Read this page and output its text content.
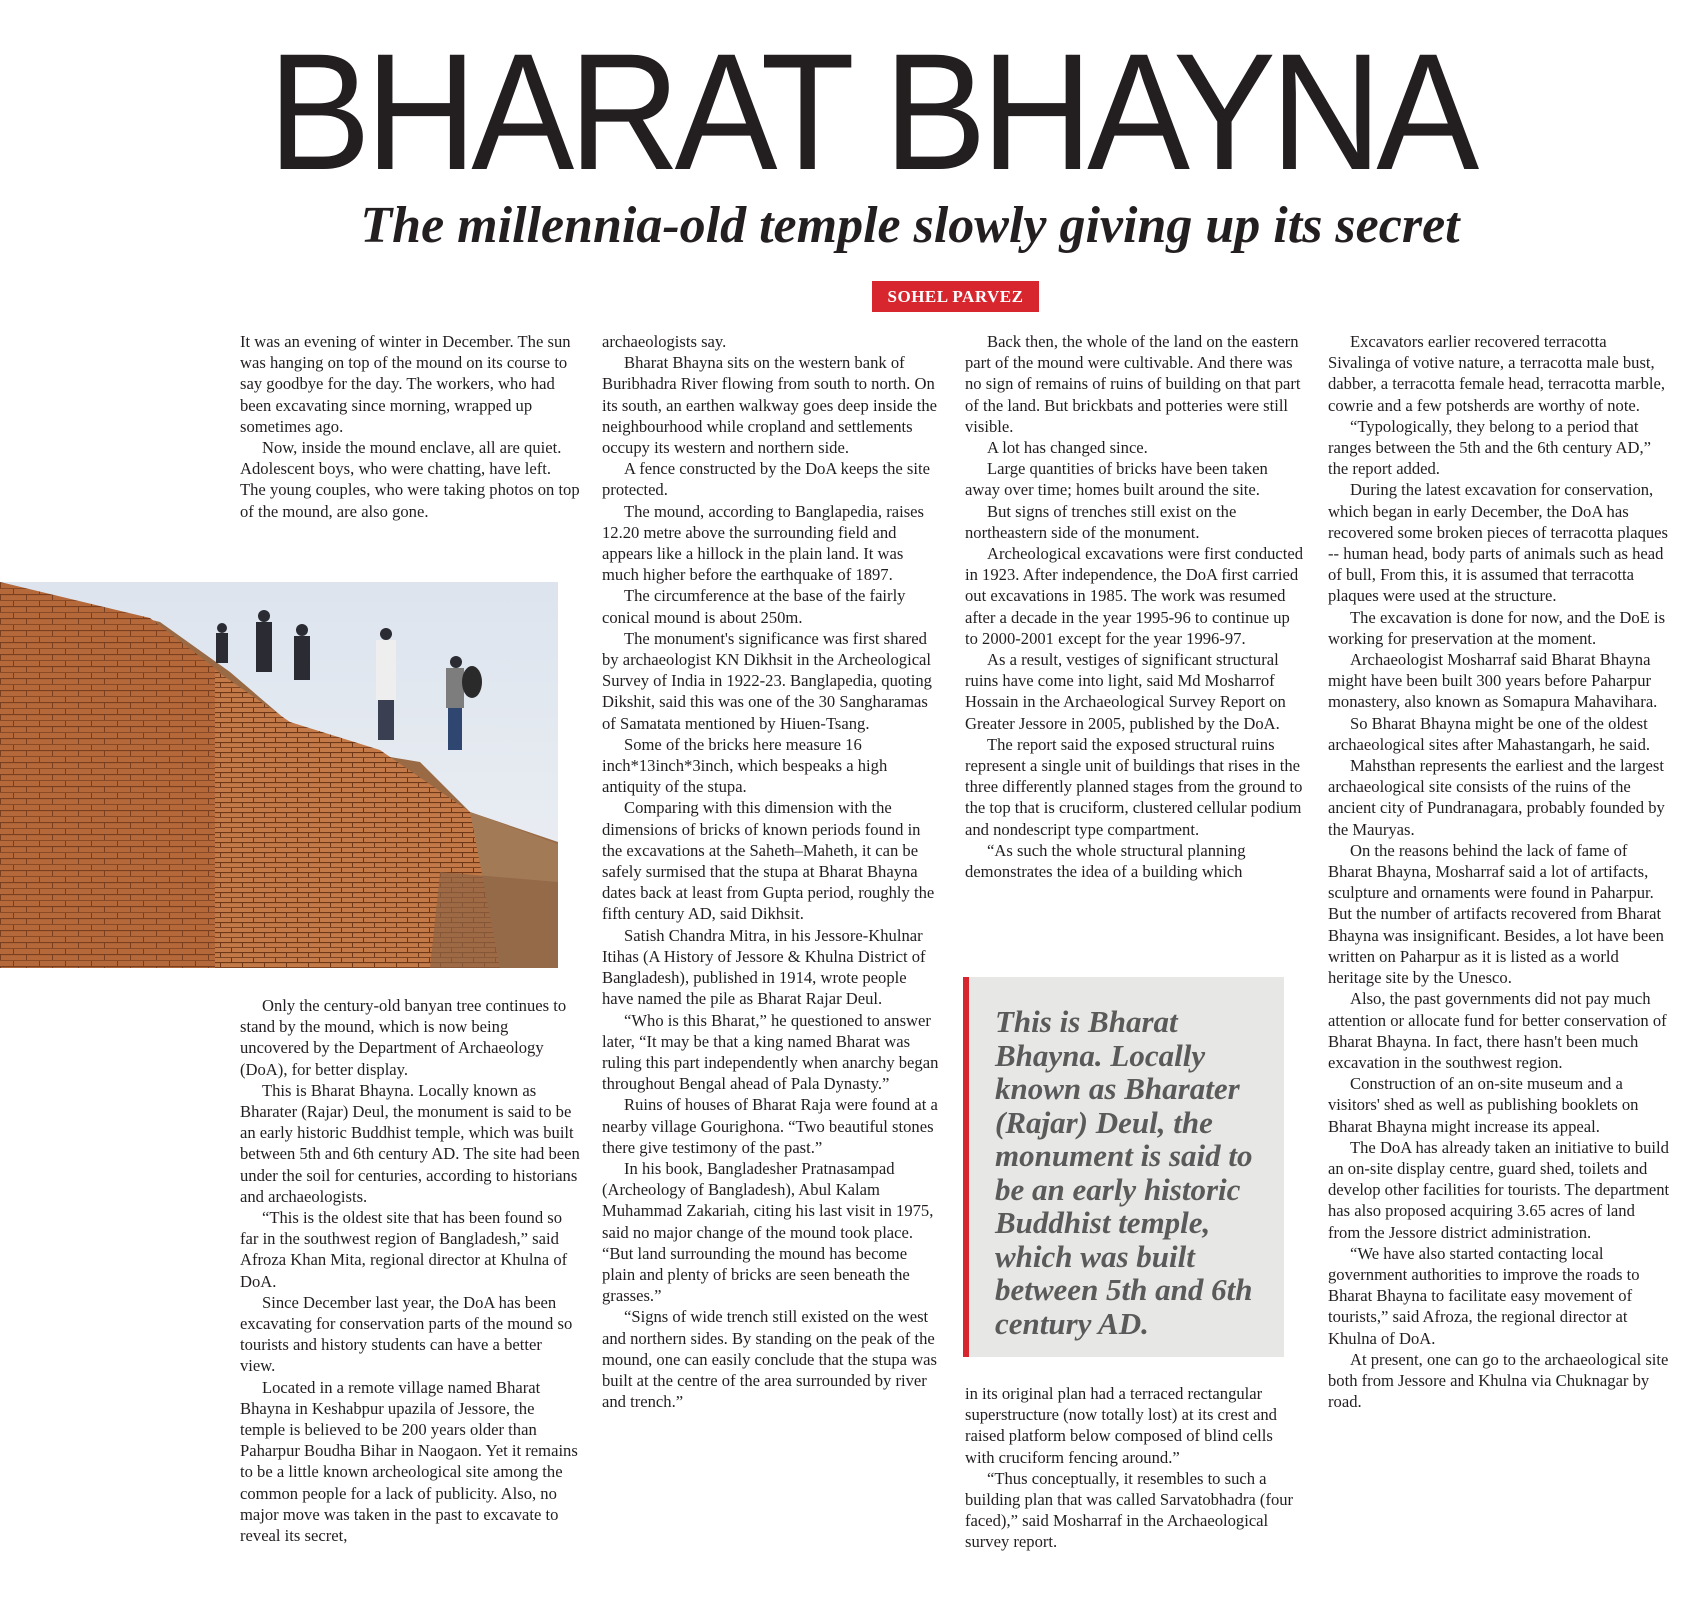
BHARAT BHAYNA
The millennia-old temple slowly giving up its secret
SOHEL PARVEZ

It was an evening of winter in December. The sun was hanging on top of the mound on its course to say goodbye for the day. The workers, who had been excavating since morning, wrapped up sometimes ago.

Now, inside the mound enclave, all are quiet. Adolescent boys, who were chatting, have left. The young couples, who were taking photos on top of the mound, are also gone.

Only the century-old banyan tree continues to stand by the mound, which is now being uncovered by the Department of Archaeology (DoA), for better display.

This is Bharat Bhayna. Locally known as Bharater (Rajar) Deul, the monument is said to be an early historic Buddhist temple, which was built between 5th and 6th century AD. The site had been under the soil for centuries, according to historians and archaeologists.

“This is the oldest site that has been found so far in the southwest region of Bangladesh,” said Afroza Khan Mita, regional director at Khulna of DoA.

Since December last year, the DoA has been excavating for conservation parts of the mound so tourists and history students can have a better view.

Located in a remote village named Bharat Bhayna in Keshabpur upazila of Jessore, the temple is believed to be 200 years older than Paharpur Boudha Bihar in Naogaon. Yet it remains to be a little known archeological site among the common people for a lack of publicity. Also, no major move was taken in the past to excavate to reveal its secret,

archaeologists say.

Bharat Bhayna sits on the western bank of Buribhadra River flowing from south to north. On its south, an earthen walkway goes deep inside the neighbourhood while cropland and settlements occupy its western and northern side.

A fence constructed by the DoA keeps the site protected.

The mound, according to Banglapedia, raises 12.20 metre above the surrounding field and appears like a hillock in the plain land. It was much higher before the earthquake of 1897.

The circumference at the base of the fairly conical mound is about 250m.

The monument's significance was first shared by archaeologist KN Dikhsit in the Archeological Survey of India in 1922-23. Banglapedia, quoting Dikshit, said this was one of the 30 Sangharamas of Samatata mentioned by Hiuen-Tsang.

Some of the bricks here measure 16 inch*13inch*3inch, which bespeaks a high antiquity of the stupa.

Comparing with this dimension with the dimensions of bricks of known periods found in the excavations at the Saheth–Maheth, it can be safely surmised that the stupa at Bharat Bhayna dates back at least from Gupta period, roughly the fifth century AD, said Dikhsit.

Satish Chandra Mitra, in his Jessore-Khulnar Itihas (A History of Jessore & Khulna District of Bangladesh), published in 1914, wrote people have named the pile as Bharat Rajar Deul.

“Who is this Bharat,” he questioned to answer later, “It may be that a king named Bharat was ruling this part independently when anarchy began throughout Bengal ahead of Pala Dynasty.”

Ruins of houses of Bharat Raja were found at a nearby village Gourighona. “Two beautiful stones there give testimony of the past.”

In his book, Bangladesher Pratnasampad (Archeology of Bangladesh), Abul Kalam Muhammad Zakariah, citing his last visit in 1975, said no major change of the mound took place. “But land surrounding the mound has become plain and plenty of bricks are seen beneath the grasses.”

“Signs of wide trench still existed on the west and northern sides. By standing on the peak of the mound, one can easily conclude that the stupa was built at the centre of the area surrounded by river and trench.”

Back then, the whole of the land on the eastern part of the mound were cultivable. And there was no sign of remains of ruins of building on that part of the land. But brickbats and potteries were still visible.

A lot has changed since.

Large quantities of bricks have been taken away over time; homes built around the site.

But signs of trenches still exist on the northeastern side of the monument.

Archeological excavations were first conducted in 1923. After independence, the DoA first carried out excavations in 1985. The work was resumed after a decade in the year 1995-96 to continue up to 2000-2001 except for the year 1996-97.

As a result, vestiges of significant structural ruins have come into light, said Md Mosharrof Hossain in the Archaeological Survey Report on Greater Jessore in 2005, published by the DoA.

The report said the exposed structural ruins represent a single unit of buildings that rises in the three differently planned stages from the ground to the top that is cruciform, clustered cellular podium and nondescript type compartment.

“As such the whole structural planning demonstrates the idea of a building which

This is Bharat Bhayna. Locally known as Bharater (Rajar) Deul, the monument is said to be an early historic Buddhist temple, which was built between 5th and 6th century AD.

in its original plan had a terraced rectangular superstructure (now totally lost) at its crest and raised platform below composed of blind cells with cruciform fencing around.”

“Thus conceptually, it resembles to such a building plan that was called Sarvatobhadra (four faced),” said Mosharraf in the Archaeological survey report.

Excavators earlier recovered terracotta Sivalinga of votive nature, a terracotta male bust, dabber, a terracotta female head, terracotta marble, cowrie and a few potsherds are worthy of note.

“Typologically, they belong to a period that ranges between the 5th and the 6th century AD,” the report added.

During the latest excavation for conservation, which began in early December, the DoA has recovered some broken pieces of terracotta plaques -- human head, body parts of animals such as head of bull, From this, it is assumed that terracotta plaques were used at the structure.

The excavation is done for now, and the DoE is working for preservation at the moment.

Archaeologist Mosharraf said Bharat Bhayna might have been built 300 years before Paharpur monastery, also known as Somapura Mahavihara.

So Bharat Bhayna might be one of the oldest archaeological sites after Mahastangarh, he said.

Mahsthan represents the earliest and the largest archaeological site consists of the ruins of the ancient city of Pundranagara, probably founded by the Mauryas.

On the reasons behind the lack of fame of Bharat Bhayna, Mosharraf said a lot of artifacts, sculpture and ornaments were found in Paharpur. But the number of artifacts recovered from Bharat Bhayna was insignificant. Besides, a lot have been written on Paharpur as it is listed as a world heritage site by the Unesco.

Also, the past governments did not pay much attention or allocate fund for better conservation of Bharat Bhayna. In fact, there hasn't been much excavation in the southwest region.

Construction of an on-site museum and a visitors' shed as well as publishing booklets on Bharat Bhayna might increase its appeal.

The DoA has already taken an initiative to build an on-site display centre, guard shed, toilets and develop other facilities for tourists. The department has also proposed acquiring 3.65 acres of land from the Jessore district administration.

“We have also started contacting local government authorities to improve the roads to Bharat Bhayna to facilitate easy movement of tourists,” said Afroza, the regional director at Khulna of DoA.

At present, one can go to the archaeological site both from Jessore and Khulna via Chuknagar by road.
